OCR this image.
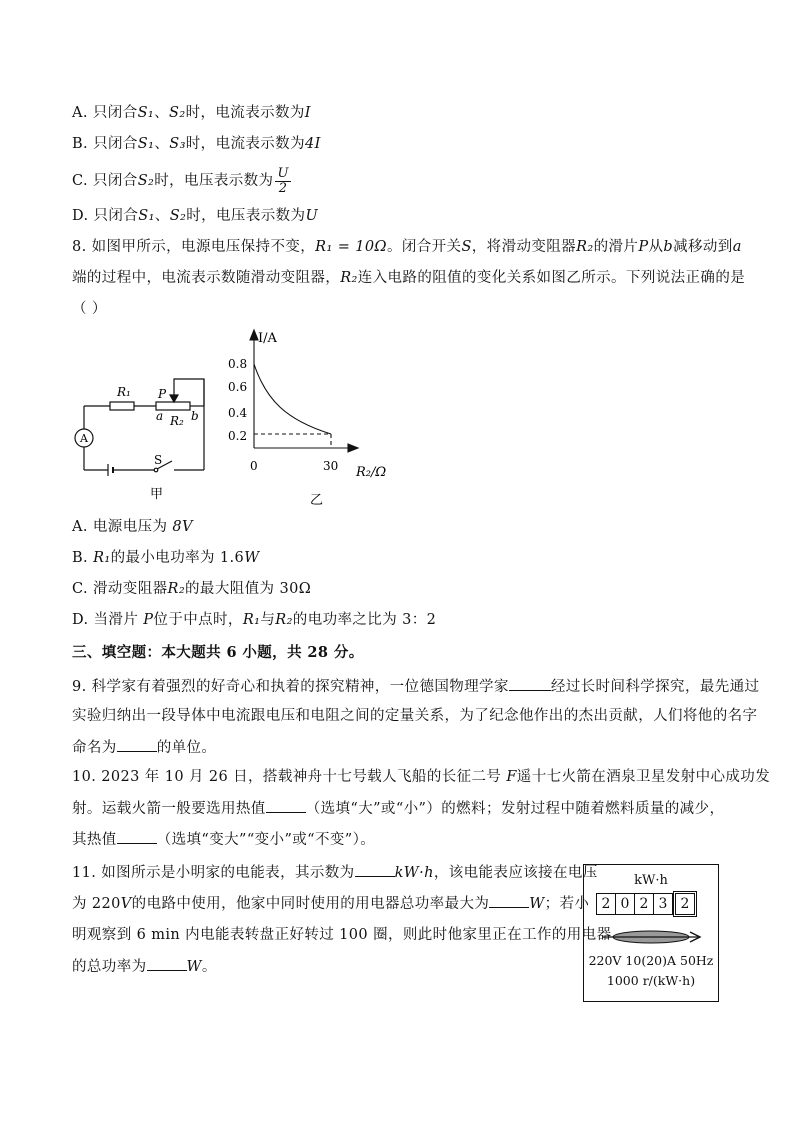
A. 只闭合S₁、S₂时，电流表示数为I
B. 只闭合S₁、S₃时，电流表示数为4I
C. 只闭合S₂时，电压表示数为 $\frac{U}{2}$
D. 只闭合S₁、S₂时，电压表示数为U
8. 如图甲所示，电源电压保持不变，R₁ = 10Ω。闭合开关S，将滑动变阻器R₂的滑片P从b减移动到a
端的过程中，电流表示数随滑动变阻器，R₂连入电路的阻值的变化关系如图乙所示。下列说法正确的是
（ ）
R₁ P
a R₂ b
A
S
甲
I/A
0.8
0.6
0.4
0.2
0	30 R₂/Ω
乙
A. 电源电压为 8V
B. R₁的最小电功率为 1.6W
C. 滑动变阻器R₂的最大阻值为 30Ω
D. 当滑片 P位于中点时，R₁与R₂的电功率之比为 3：2
三、填空题：本大题共 6 小题，共 28 分。
9. 科学家有着强烈的好奇心和执着的探究精神，一位德国物理学家	经过长时间科学探究，最先通过
实验归纳出一段导体中电流跟电压和电阻之间的定量关系，为了纪念他作出的杰出贡献，人们将他的名字
命名为	的单位。
10. 2023 年 10 月 26 日，搭载神舟十七号载人飞船的长征二号 F遥十七火箭在酒泉卫星发射中心成功发
射。运载火箭一般要选用热值	（选填“大”或“小”）的燃料；发射过程中随着燃料质量的减少，
其热值	（选填“变大”“变小”或“不变”）。
11. 如图所示是小明家的电能表，其示数为	kW·h，该电能表应该接在电压
为 220V的电路中使用，他家中同时使用的用电器总功率最大为	W；若小
明观察到 6 min 内电能表转盘正好转过 100 圈，则此时他家里正在工作的用电器
的总功率为	W。
kW·h
2 0 2 3 2
220V 10(20)A 50Hz
1000 r/(kW·h)
